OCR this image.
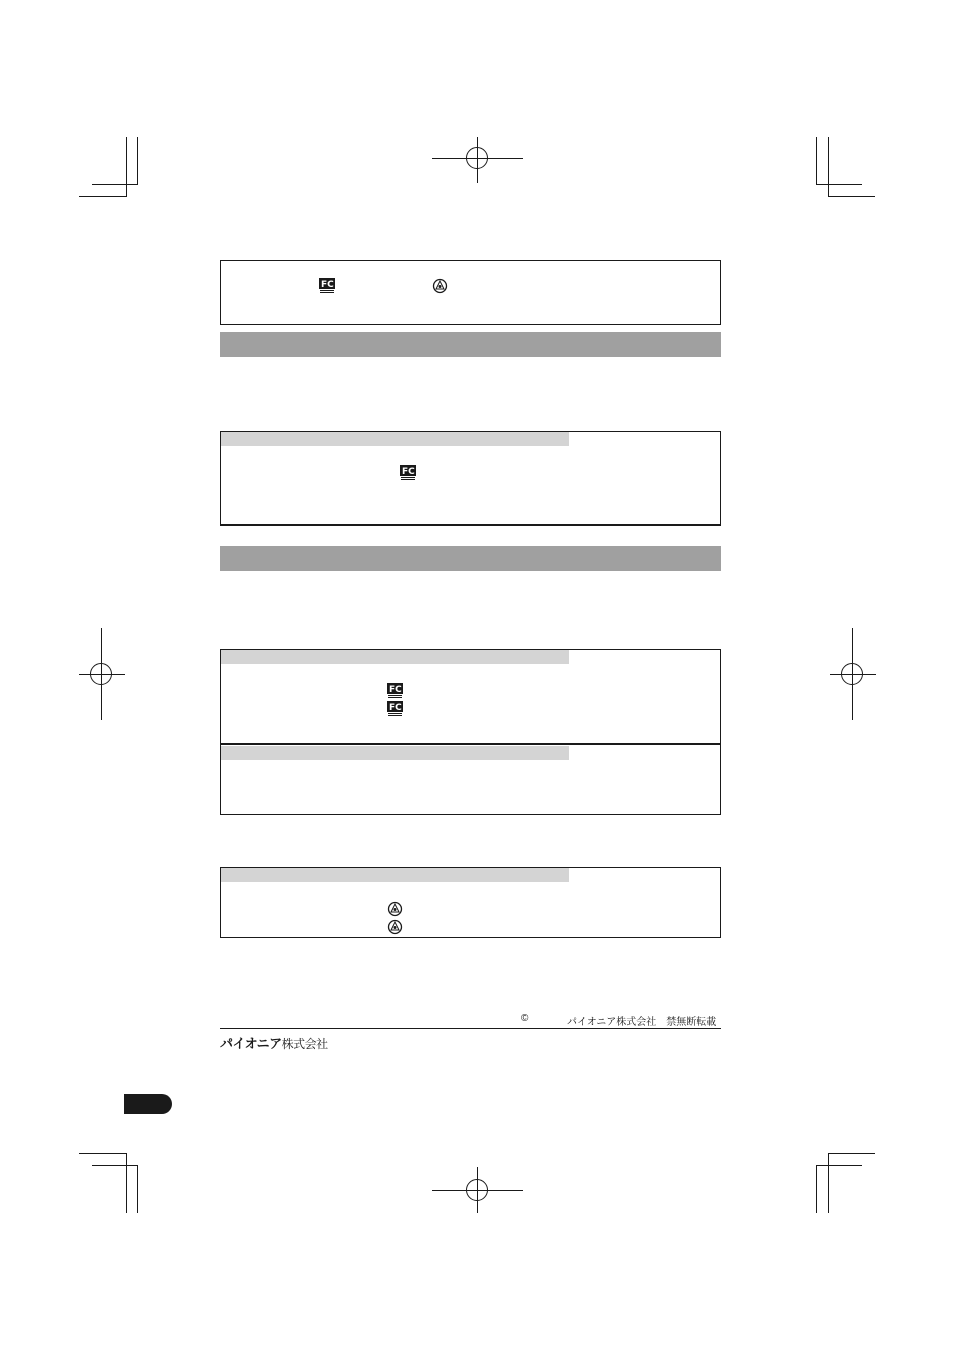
FC
FC
FC
FC
©	パイオニア株式会社　禁無断転載
パイオニア株式会社
